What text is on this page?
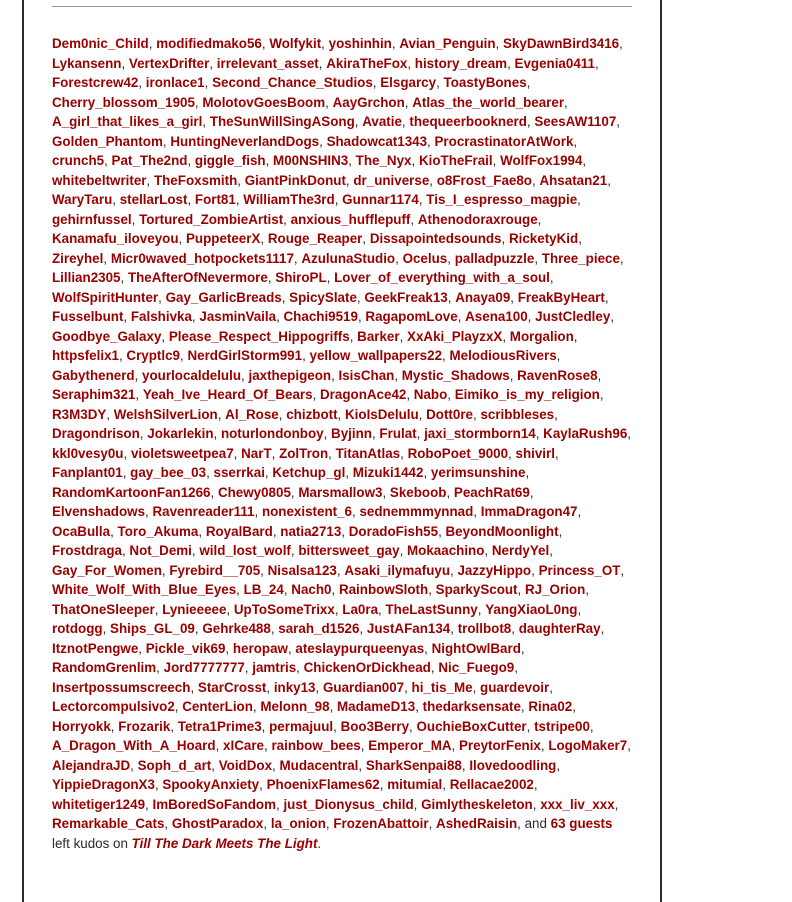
Dem0nic_Child, modifiedmako56, Wolfykit, yoshinhin, Avian_Penguin, SkyDawnBird3416, Lykansenn, VertexDrifter, irrelevant_asset, AkiraTheFox, history_dream, Evgenia0411, Forestcrew42, ironlace1, Second_Chance_Studios, Elsgarcy, ToastyBones, Cherry_blossom_1905, MolotovGoesBoom, AayGrchon, Atlas_the_world_bearer, A_girl_that_likes_a_girl, TheSunWillSingASong, Avatie, thequeerbooknerd, SeesAW1107, Golden_Phantom, HuntingNeverlandDogs, Shadowcat1343, ProcrastinatorAtWork, crunch5, Pat_The2nd, giggle_fish, M00NSHIN3, The_Nyx, KioTheFrail, WolfFox1994, whitebeltwriter, TheFoxsmith, GiantPinkDonut, dr_universe, o8Frost_Fae8o, Ahsatan21, WaryTaru, stellarLost, Fort81, WilliamThe3rd, Gunnar1174, Tis_I_espresso_magpie, gehirnfussel, Tortured_ZombieArtist, anxious_hufflepuff, Athenodoraxrouge, Kanamafu_iloveyou, PuppeteerX, Rouge_Reaper, Dissapointedsounds, RicketyKid, Zireyhel, Micr0waved_hotpockets1117, AzulunaStudio, Ocelus, palladpuzzle, Three_piece, Lillian2305, TheAfterOfNevermore, ShiroPL, Lover_of_everything_with_a_soul, WolfSpiritHunter, Gay_GarlicBreads, SpicySlate, GeekFreak13, Anaya09, FreakByHeart, Fusselbunt, Falshivka, JasminVaila, Chachi9519, RagapomLove, Asena100, JustCledley, Goodbye_Galaxy, Please_Respect_Hippogriffs, Barker, XxAki_PlayzxX, Morgalion, httpsfelix1, Cryptlc9, NerdGirlStorm991, yellow_wallpapers22, MelodiousRivers, Gabythenerd, yourlocaldelulu, jaxthepigeon, IsisChan, Mystic_Shadows, RavenRose8, Seraphim321, Yeah_Ive_Heard_Of_Bears, DragonAce42, Nabo, Eimiko_is_my_religion, R3M3DY, WelshSilverLion, Al_Rose, chizbott, KioIsDelulu, Dott0re, scribbleses, Dragondrison, Jokarlekin, noturlondonboy, Byjinn, Frulat, jaxi_stormborn14, KaylaRush96, kkl0vesy0u, violetsweetpea7, NarT, ZolTron, TitanAtlas, RoboPoet_9000, shivirl, Fanplant01, gay_bee_03, sserrkai, Ketchup_gl, Mizuki1442, yerimsunshine, RandomKartoonFan1266, Chewy0805, Marsmallow3, Skeboob, PeachRat69, Elvenshadows, Ravenreader111, nonexistent_6, sednemmmynnad, ImmaDragon47, OcaBulla, Toro_Akuma, RoyalBard, natia2713, DoradoFish55, BeyondMoonlight, Frostdraga, Not_Demi, wild_lost_wolf, bittersweet_gay, Mokaachino, NerdyYel, Gay_For_Women, Fyrebird__705, Nisalsa123, Asaki_ilymafuyu, JazzyHippo, Princess_OT, White_Wolf_With_Blue_Eyes, LB_24, Nach0, RainbowSloth, SparkyScout, RJ_Orion, ThatOneSleeper, Lynieeeee, UpToSomeTrixx, La0ra, TheLastSunny, YangXiaoL0ng, rotdogg, Ships_GL_09, Gehrke488, sarah_d1526, JustAFan134, trollbot8, daughterRay, ItznotPengwe, Pickle_vik69, heropaw, ateslaypurqueenyas, NightOwlBard, RandomGrenlim, Jord7777777, jamtris, ChickenOrDickhead, Nic_Fuego9, Insertpossumscreech, StarCrosst, inky13, Guardian007, hi_tis_Me, guardevoir, Lectorcompulsivo2, CenterLion, Melonn_98, MadameD13, thedarksensate, Rina02, Horryokk, Frozarik, Tetra1Prime3, permajuul, Boo3Berry, OuchieBoxCutter, tstripe00, A_Dragon_With_A_Hoard, xICare, rainbow_bees, Emperor_MA, PreytorFenix, LogoMaker7, AlejandraJD, Soph_d_art, VoidDox, Mudacentral, SharkSenpai88, Ilovedoodling, YippieDragonX3, SpookyAnxiety, PhoenixFlames62, mitumial, Rellacae2002, whitetiger1249, ImBoredSoFandom, just_Dionysus_child, Gimlytheskeleton, xxx_liv_xxx, Remarkable_Cats, GhostParadox, la_onion, FrozenAbattoir, AshedRaisin, and 63 guests left kudos on Till The Dark Meets The Light.
